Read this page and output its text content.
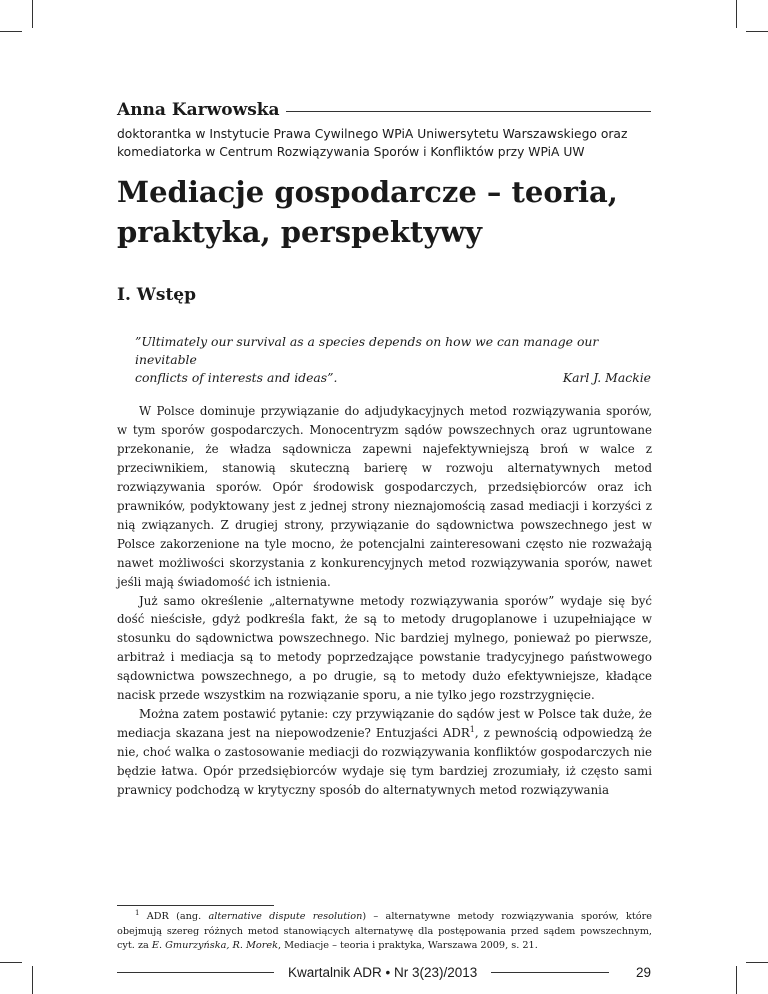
Anna Karwowska
doktorantka w Instytucie Prawa Cywilnego WPiA Uniwersytetu Warszawskiego oraz
komediatorka w Centrum Rozwiązywania Sporów i Konfliktów przy WPiA UW
Mediacje gospodarcze – teoria,
praktyka, perspektywy
I. Wstęp
”Ultimately our survival as a species depends on how we can manage our inevitable
conflicts of interests and ideas”.	Karl J. Mackie

W Polsce dominuje przywiązanie do adjudykacyjnych metod rozwiązywania sporów, w tym sporów gospodarczych. Monocentryzm sądów powszechnych oraz ugruntowane przekonanie, że władza sądownicza zapewni najefektywniejszą broń w walce z przeciwnikiem, stanowią skuteczną barierę w rozwoju alternatywnych metod rozwiązywania sporów. Opór środowisk gospodarczych, przedsiębiorców oraz ich prawników, podyktowany jest z jednej strony nieznajomością zasad mediacji i korzyści z nią związanych. Z drugiej strony, przywiązanie do sądownictwa powszechnego jest w Polsce zakorzenione na tyle mocno, że potencjalni zainteresowani często nie rozważają nawet możliwości skorzystania z konkurencyjnych metod rozwiązywania sporów, nawet jeśli mają świadomość ich istnienia.

Już samo określenie „alternatywne metody rozwiązywania sporów” wydaje się być dość nieścisłe, gdyż podkreśla fakt, że są to metody drugoplanowe i uzupełniające w stosunku do sądownictwa powszechnego. Nic bardziej mylnego, ponieważ po pierwsze, arbitraż i mediacja są to metody poprzedzające powstanie tradycyjnego państwowego sądownictwa powszechnego, a po drugie, są to metody dużo efektywniejsze, kładące nacisk przede wszystkim na rozwiązanie sporu, a nie tylko jego rozstrzygnięcie.

Można zatem postawić pytanie: czy przywiązanie do sądów jest w Polsce tak duże, że mediacja skazana jest na niepowodzenie? Entuzjaści ADR$^1$, z pewnością odpowiedzą że nie, choć walka o zastosowanie mediacji do rozwiązywania konfliktów gospodarczych nie będzie łatwa. Opór przedsiębiorców wydaje się tym bardziej zrozumiały, iż często sami prawnicy podchodzą w krytyczny sposób do alternatywnych metod rozwiązywania

$^1$ ADR (ang. alternative dispute resolution) – alternatywne metody rozwiązywania sporów, które obejmują szereg różnych metod stanowiących alternatywę dla postępowania przed sądem powszechnym, cyt. za E. Gmurzyńska, R. Morek, Mediacje – teoria i praktyka, Warszawa 2009, s. 21.
Kwartalnik ADR • Nr 3(23)/2013	29
